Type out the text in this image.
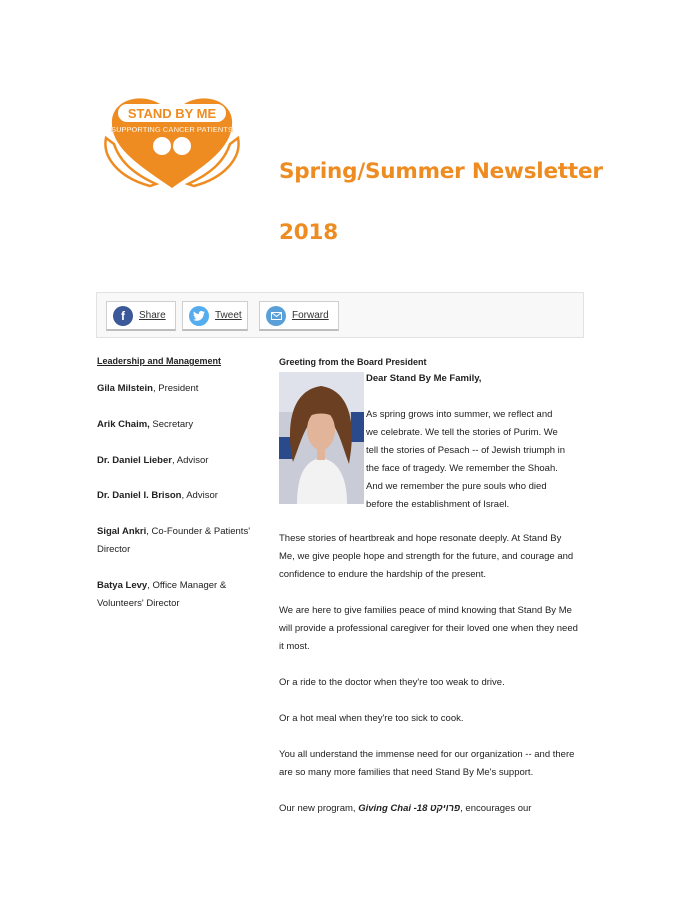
STAND BY ME
SUPPORTING CANCER PATIENTS
Spring/Summer Newsletter
2018
f	Share	Tweet	Forward

Leadership and Management

Gila Milstein, President

Arik Chaim, Secretary

Dr. Daniel Lieber, Advisor

Dr. Daniel I. Brison, Advisor

Sigal Ankri, Co-Founder & Patients' Director

Batya Levy, Office Manager & Volunteers' Director

Greeting from the Board President

Dear Stand By Me Family,

As spring grows into summer, we reflect and

we celebrate. We tell the stories of Purim. We

tell the stories of Pesach -- of Jewish triumph in

the face of tragedy. We remember the Shoah.

And we remember the pure souls who died

before the establishment of Israel.

These stories of heartbreak and hope resonate deeply. At Stand By Me, we give people hope and strength for the future, and courage and confidence to endure the hardship of the present.

We are here to give families peace of mind knowing that Stand By Me will provide a professional caregiver for their loved one when they need it most.

Or a ride to the doctor when they're too weak to drive.

Or a hot meal when they're too sick to cook.

You all understand the immense need for our organization -- and there are so many more families that need Stand By Me's support.

Our new program, Giving Chai -18 פרויקט, encourages our
